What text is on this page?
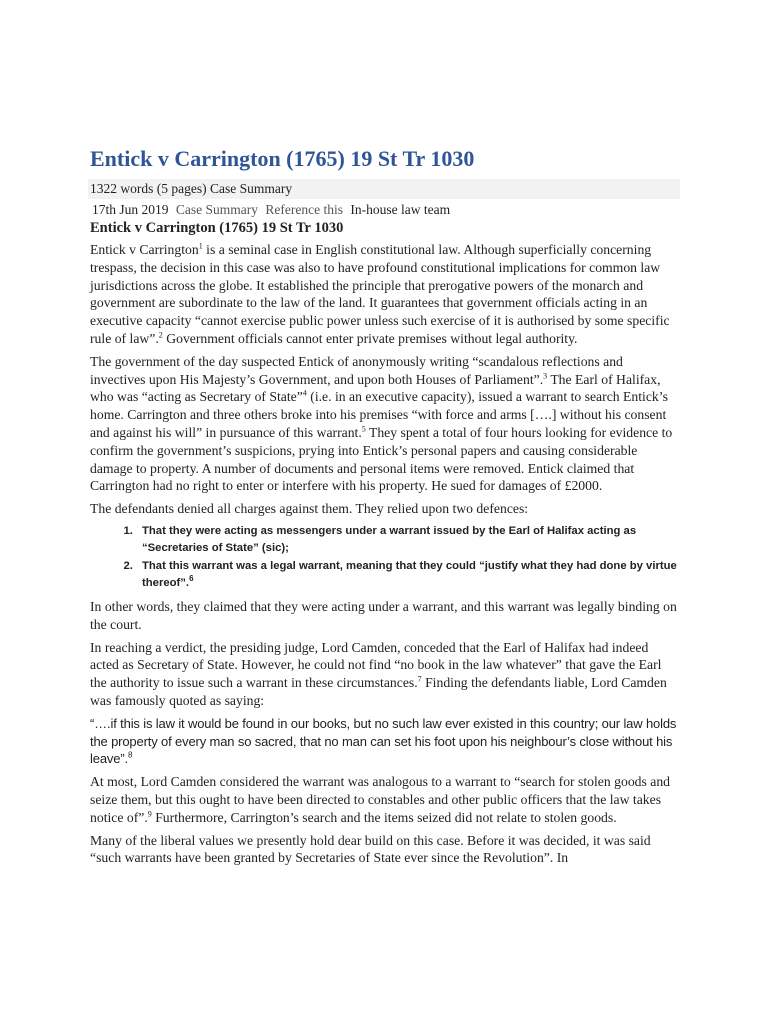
Entick v Carrington (1765) 19 St Tr 1030
1322 words (5 pages) Case Summary
17th Jun 2019 Case Summary Reference this In-house law team
Entick v Carrington (1765) 19 St Tr 1030

Entick v Carrington$^1$ is a seminal case in English constitutional law. Although superficially concerning trespass, the decision in this case was also to have profound constitutional implications for common law jurisdictions across the globe. It established the principle that prerogative powers of the monarch and government are subordinate to the law of the land. It guarantees that government officials acting in an executive capacity “cannot exercise public power unless such exercise of it is authorised by some specific rule of law”.$^2$ Government officials cannot enter private premises without legal authority.

The government of the day suspected Entick of anonymously writing “scandalous reflections and invectives upon His Majesty’s Government, and upon both Houses of Parliament”.$^3$ The Earl of Halifax, who was “acting as Secretary of State”$^4$ (i.e. in an executive capacity), issued a warrant to search Entick’s home. Carrington and three others broke into his premises “with force and arms [….] without his consent and against his will” in pursuance of this warrant.$^5$ They spent a total of four hours looking for evidence to confirm the government’s suspicions, prying into Entick’s personal papers and causing considerable damage to property. A number of documents and personal items were removed. Entick claimed that Carrington had no right to enter or interfere with his property. He sued for damages of £2000.

The defendants denied all charges against them. They relied upon two defences:

1. That they were acting as messengers under a warrant issued by the Earl of Halifax acting as “Secretaries of State” (sic);
2. That this warrant was a legal warrant, meaning that they could “justify what they had done by virtue thereof”.$^6$

In other words, they claimed that they were acting under a warrant, and this warrant was legally binding on the court.

In reaching a verdict, the presiding judge, Lord Camden, conceded that the Earl of Halifax had indeed acted as Secretary of State. However, he could not find “no book in the law whatever” that gave the Earl the authority to issue such a warrant in these circumstances.$^7$ Finding the defendants liable, Lord Camden was famously quoted as saying:

“….if this is law it would be found in our books, but no such law ever existed in this country; our law holds the property of every man so sacred, that no man can set his foot upon his neighbour’s close without his leave”.$^8$

At most, Lord Camden considered the warrant was analogous to a warrant to “search for stolen goods and seize them, but this ought to have been directed to constables and other public officers that the law takes notice of”.$^9$ Furthermore, Carrington’s search and the items seized did not relate to stolen goods.

Many of the liberal values we presently hold dear build on this case. Before it was decided, it was said “such warrants have been granted by Secretaries of State ever since the Revolution”. In
